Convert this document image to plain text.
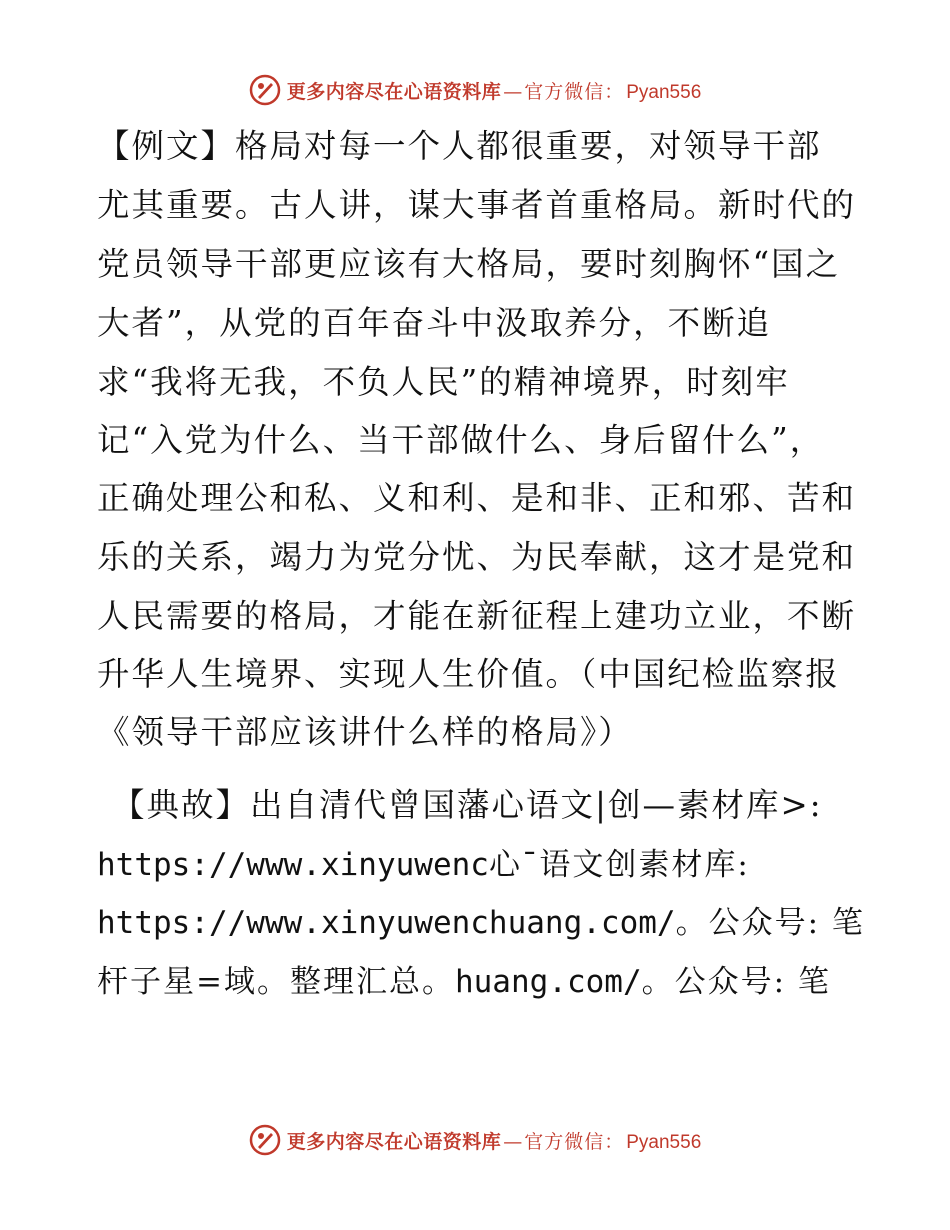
更多内容尽在心语资料库 — 官方微信： Pyan556
【例文】格局对每一个人都很重要，对领导干部
尤其重要。古人讲，谋大事者首重格局。新时代的
党员领导干部更应该有大格局，要时刻胸怀“国之
大者”，从党的百年奋斗中汲取养分，不断追
求“我将无我，不负人民”的精神境界，时刻牢
记“入党为什么、当干部做什么、身后留什么”，
正确处理公和私、义和利、是和非、正和邪、苦和
乐的关系，竭力为党分忧、为民奉献，这才是党和
人民需要的格局，才能在新征程上建功立业，不断
升华人生境界、实现人生价值。（中国纪检监察报
《领导干部应该讲什么样的格局》）
【典故】出自清代曾国藩心语文|创—素材库>:
https://www.xinyuwenc心¯语文创素材库:
https://www.xinyuwenchuang.com/。公众号: 笔
杆子星=域。整理汇总。huang.com/。公众号: 笔
更多内容尽在心语资料库 — 官方微信： Pyan556
